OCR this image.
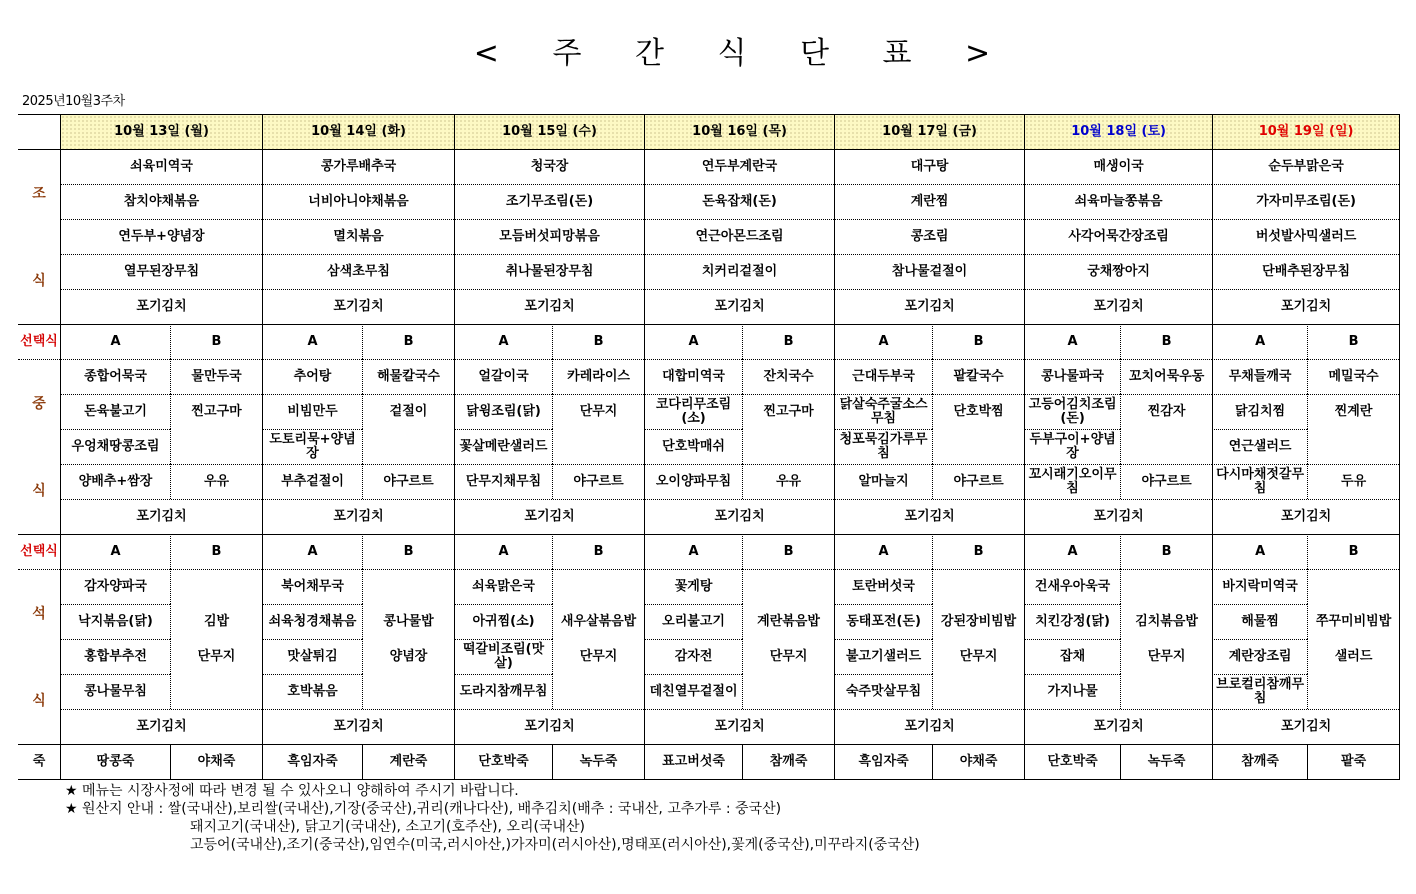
< 주 간 식 단 표 >
2025년10월3주차
	10월 13일 (월)		10월 14일 (화)		10월 15일 (수)		10월 16일 (목)		10월 17일 (금)		10월 18일 (토)		10월 19일 (일)	

조
식	쇠육미역국		콩가루배추국		청국장		연두부계란국		대구탕		매생이국		순두부맑은국	
	참치야채볶음		너비아니야채볶음		조기무조림(돈)		돈육잡채(돈)		계란찜		쇠육마늘쫑볶음		가자미무조림(돈)	
	연두부+양념장		멸치볶음		모듬버섯피망볶음		연근아몬드조림		콩조림		사각어묵간장조림		버섯발사믹샐러드	
	열무된장무침		삼색초무침		취나물된장무침		치커리겉절이		참나물겉절이		궁채짱아지		단배추된장무침	
	포기김치		포기김치		포기김치		포기김치		포기김치		포기김치		포기김치	
선택식	A	B	A	B	A	B	A	B	A	B	A	B	A	B

중
식	종합어묵국	물만두국	추어탕	해물칼국수	얼갈이국	카레라이스	대합미역국	잔치국수	근대두부국	팥칼국수	콩나물파국	꼬치어묵우동	무채들깨국	메밀국수
	돈육불고기	찐고구마	비빔만두	겉절이	닭윙조림(닭)	단무지	코다리무조림(소)	찐고구마	닭살숙주굴소스무침	단호박찜	고등어김치조림(돈)	찐감자	닭김치찜	찐계란
	우엉채땅콩조림		도토리묵+양념장		꽃살메란샐러드		단호박매쉬		청포묵김가루무침		두부구이+양념장		연근샐러드	
	양배추+쌈장	우유	부추겉절이	야구르트	단무지채무침	야구르트	오이양파무침	우유	알마늘지	야구르트	꼬시래기오이무침	야구르트	다시마채젓갈무침	두유
	포기김치		포기김치		포기김치		포기김치		포기김치		포기김치		포기김치	
선택식	A	B	A	B	A	B	A	B	A	B	A	B	A	B

석
식	감자양파국		북어채무국		쇠육맑은국		꽃게탕		토란버섯국		건새우아욱국		바지락미역국	
	낙지볶음(닭)	김밥	쇠육청경채볶음	콩나물밥	아귀찜(소)	새우살볶음밥	오리불고기	계란볶음밥	동태포전(돈)	강된장비빔밥	치킨강정(닭)	김치볶음밥	해물찜	쭈꾸미비빔밥
	홍합부추전	단무지	맛살튀김	양념장	떡갈비조림(맛살)	단무지	감자전	단무지	불고기샐러드	단무지	잡채	단무지	계란장조림	샐러드
	콩나물무침		호박볶음		도라지참깨무침		데친열무겉절이		숙주맛살무침		가지나물		브로컬리참깨무침	
	포기김치		포기김치		포기김치		포기김치		포기김치		포기김치		포기김치	
죽	땅콩죽	야채죽	흑임자죽	계란죽	단호박죽	녹두죽	표고버섯죽	참깨죽	흑임자죽	야채죽	단호박죽	녹두죽	참깨죽	팥죽
★ 메뉴는 시장사정에 따라 변경 될 수 있사오니 양해하여 주시기 바랍니다.
★ 원산지 안내 : 쌀(국내산),보리쌀(국내산),기장(중국산),귀리(캐나다산), 배추김치(배추 : 국내산, 고추가루 : 중국산)
돼지고기(국내산), 닭고기(국내산), 소고기(호주산), 오리(국내산)
고등어(국내산),조기(중국산),임연수(미국,러시아산,)가자미(러시아산),명태포(러시아산),꽃게(중국산),미꾸라지(중국산)
